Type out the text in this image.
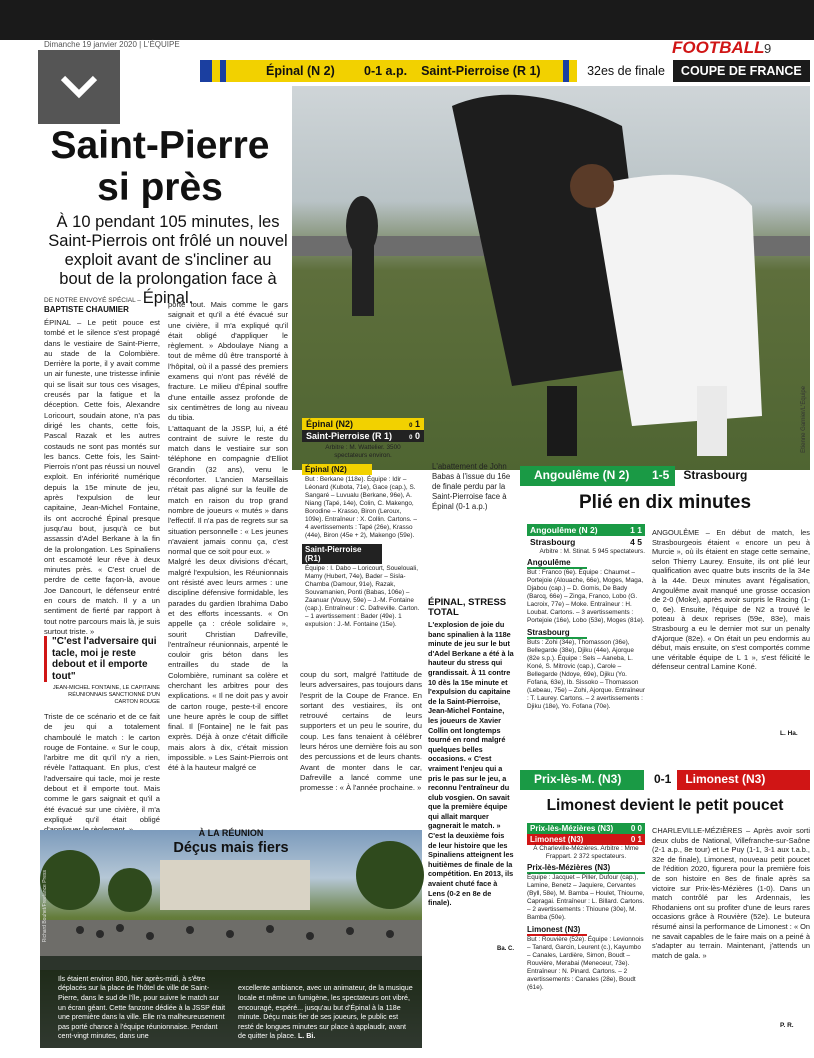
Dimanche 19 janvier 2020 | L'ÉQUIPE	FOOTBALL 9
Épinal (N 2)	0-1 a.p.	Saint-Pierroise (R 1)	32es de finale	COUPE DE FRANCE
Saint-Pierre
si près
À 10 pendant 105 minutes, les Saint-Pierrois ont frôlé un nouvel exploit avant de s'incliner au bout de la prolongation face à Épinal.
DE NOTRE ENVOYÉ SPÉCIAL –
BAPTISTE CHAUMIER
ÉPINAL – Le petit pouce est tombé et le silence s'est propagé dans le vestiaire de Saint-Pierre, au stade de la Colombière. Derrière la porte, il y avait comme un air funeste, une tristesse infinie qui se lisait sur tous ces visages, creusés par la fatigue et la déception. Cette fois, Alexandre Loricourt, soudain atone, n'a pas dirigé les chants, cette fois, Pascal Razak et les autres costauds ne sont pas montés sur les bancs. Cette fois, les Saint-Pierrois n'ont pas réussi un nouvel exploit. En infériorité numérique depuis la 15e minute de jeu, après l'expulsion de leur capitaine, Jean-Michel Fontaine, ils ont accroché Épinal presque jusqu'au bout, jusqu'à ce but assassin d'Adel Berkane à la fin de la prolongation. Les Spinaliens ont escamoté leur rêve à deux minutes près. « C'est cruel de perdre de cette façon-là, avoue Joe Dancourt, le défenseur entré en cours de match. Il y a un sentiment de fierté par rapport à tout notre parcours mais là, je suis surtout triste. »
"C'est l'adversaire qui tacle, moi je reste debout et il emporte tout"
JEAN-MICHEL FONTAINE, LE CAPITAINE RÉUNIONNAIS SANCTIONNÉ D'UN CARTON ROUGE
Triste de ce scénario et de ce fait de jeu qui a totalement chamboulé le match : le carton rouge de Fontaine. « Sur le coup, l'arbitre me dit qu'il n'y a rien, révèle l'attaquant. En plus, c'est l'adversaire qui tacle, moi je reste debout et il emporte tout. Mais comme le gars saignait et qu'il a été évacué sur une civière, il m'a expliqué qu'il était obligé
porte tout. Mais comme le gars saignait et qu'il a été évacué sur une civière, il m'a expliqué qu'il était obligé d'appliquer le règlement. » Abdoulaye Niang a tout de même dû être transporté à l'hôpital, où il a passé des premiers examens qui n'ont pas révélé de fracture. Le milieu d'Épinal souffre d'une entaille assez profonde de six centimètres de long au niveau du tibia.
L'attaquant de la JSSP, lui, a été contraint de suivre le reste du match dans le vestiaire sur son téléphone en compagnie d'Elliot Grandin (32 ans), venu le réconforter. L'ancien Marseillais n'était pas aligné sur la feuille de match en raison du trop grand nombre de joueurs « mutés » dans l'effectif. Il n'a pas de regrets sur sa situation personnelle : « Les jeunes n'avaient jamais connu ça, c'est normal que ce soit pour eux. »
Malgré les deux divisions d'écart, malgré l'expulsion, les Réunionnais ont résisté avec leurs armes : une discipline défensive formidable, les parades du gardien Ibrahima Dabo et des efforts incessants. « On appelle ça : créole solidaire », sourit Christian Dafreville, l'entraîneur réunionnais, arpenté le couloir gris béton dans les entrailles du stade de la Colombière, ruminant sa colère et cherchant les arbitres pour des explications. « Il ne doit pas y avoir de carton rouge, peste-t-il encore une heure après le coup de sifflet final. Il [Fontaine] ne le fait pas exprès. Déjà à onze c'était difficile mais alors à dix, c'était mission impossible. » Les Saint-Pierrois ont été à la hauteur malgré ce
coup du sort, malgré l'attitude de leurs adversaires, pas toujours dans l'esprit de la Coupe de France. En sortant des vestiaires, ils ont retrouvé certains de leurs supporters et un peu le sourire, du coup. Les fans tenaient à célébrer leurs héros une dernière fois au son des percussions et de leurs chants. Avant de monter dans le car, Dafreville a lancé comme une promesse : « À l'année prochaine. »
Étienne Garnier/L'Équipe
Épinal (N2)	0 1
Saint-Pierroise (R 1)	0 0
Arbitre : M. Wattelier. 3500 spectateurs environ.
Épinal (N2)
But : Berkane (118e). Équipe : Idir – Léonard (Kubota, 71e), Gace (cap.), S. Sangaré – Luvualu (Berkane, 96e), A. Niang (Tapé, 14e), Colin, C. Makengo, Borodine – Krasso, Biron (Leroux, 109e). Entraîneur : X. Collin. Cartons. – 4 avertissements : Tapé (26e), Krasso (44e), Biron (45e + 2), Makengo (59e).
Saint-Pierroise (R1)
Équipe : I. Dabo – Loricourt, Souelouali, Mamy (Hubert, 74e), Bader – Sisla-Chamba (Damour, 91e), Razak, Souvamanien, Ponti (Babas, 106e) – Zaanuar (Vouvy, 59e) – J.-M. Fontaine (cap.). Entraîneur : C. Dafreville. Carton. – 1 avertissement : Bader (49e). 1 expulsion : J.-M. Fontaine (15e).
L'abattement de John Babas à l'issue du 16e de finale perdu par la Saint-Pierroise face à Épinal (0-1 a.p.)
ÉPINAL, STRESS TOTAL
L'explosion de joie du banc spinalien à la 118e minute de jeu sur le but d'Adel Berkane a été à la hauteur du stress qui grandissait. À 11 contre 10 dès la 15e minute et l'expulsion du capitaine de la Saint-Pierroise, Jean-Michel Fontaine, les joueurs de Xavier Collin ont longtemps tourné en rond malgré quelques belles occasions. « C'est vraiment l'enjeu qui a pris le pas sur le jeu, a reconnu l'entraîneur du club vosgien. On savait que la première équipe qui allait marquer gagnerait le match. » C'est la deuxième fois de leur histoire que les Spinaliens atteignent les huitièmes de finale de la compétition. En 2013, ils avaient chuté face à Lens (0-2 en 8e de finale).
Ba. C.
Angoulême (N 2)	1-5	Strasbourg
Plié en dix minutes
Angoulême (N 2)	1 1
Strasbourg	4 5
Arbitre : M. Stinat. 5 945 spectateurs.
Angoulême
But : Franco (6e). Équipe : Chaumet – Portejoie (Alouache, 66e), Moges, Maga, Djabou (cap.) – D. Gomis, De Bady (Barcq, 66e) – Zinga, Franco, Lobo (G. Lacroix, 77e) – Moke. Entraîneur : H. Loubat. Cartons. – 3 avertissements : Portejoie (16e), Lobo (53e), Moges (81e).
Strasbourg
Buts : Zohi (34e), Thomasson (36e), Bellegarde (38e), Djiku (44e), Ajorque (82e s.p.). Équipe : Sels – Aaneba, L. Koné, S. Mitrovic (cap.), Carole – Bellegarde (Ndoye, 69e), Djiku (Yo. Fofana, 63e), Ib. Sissoko – Thomasson (Lebeau, 75e) – Zohi, Ajorque. Entraîneur : T. Laurey. Cartons. – 2 avertissements : Djiku (18e), Yo. Fofana (70e).
ANGOULÊME – En début de match, les Strasbourgeois étaient « encore un peu à Murcie », où ils étaient en stage cette semaine, selon Thierry Laurey. Ensuite, ils ont plié leur qualification avec quatre buts inscrits de la 34e à la 44e. Deux minutes avant l'égalisation, Angoulême avait manqué une grosse occasion de 2-0 (Moke), après avoir surpris le Racing (1-0, 6e). Ensuite, l'équipe de N2 a trouvé le poteau à deux reprises (59e, 83e), mais Strasbourg a eu le dernier mot sur un penalty d'Ajorque (82e). « On était un peu endormis au début, mais ensuite, on s'est comportés comme une véritable équipe de L 1 », s'est félicité le défenseur central Lamine Koné.
L. Ha.
Prix-lès-M. (N3)	0-1	Limonest (N3)
Limonest devient le petit poucet
Prix-lès-Mézières (N3) 0 0
Limonest (N3)	0 1
À Charleville-Mézières. Arbitre : Mme Frappart. 2 372 spectateurs.
Prix-lès-Mézières (N3)
Équipe : Jacquet – Piller, Dufour (cap.), Lamine, Benetz – Jaquiere, Cervantes (Byll, 58e), M. Bamba – Houlet, Thiourne, Capragai. Entraîneur : L. Billard. Cartons. – 2 avertissements : Thioune (30e), M. Bamba (50e).
Limonest (N3)
But : Rouvière (52e). Équipe : Levionnois – Tanard, Garcin, Leurent (c.), Kayumbo – Canales, Lardière, Simon, Boudt – Rouvière, Merabai (Meneceur, 73e). Entraîneur : N. Pinard. Cartons. – 2 avertissements : Canales (28e), Boudt (61e).
CHARLEVILLE-MÉZIÈRES – Après avoir sorti deux clubs de National, Villefranche-sur-Saône (2-1 a.p., 8e tour) et Le Puy (1-1, 3-1 aux t.a.b., 32e de finale), Limonest, nouveau petit poucet de l'édition 2020, figurera pour la première fois de son histoire en 8es de finale après sa victoire sur Prix-lès-Mézières (1-0). Dans un match contrôlé par les Ardennais, les Rhodaniens ont su profiter d'une de leurs rares occasions grâce à Rouvière (52e). Le buteura résumé ainsi la performance de Limonest : « On ne savait capables de le faire mais on a peiné à s'adapter au terrain. Maintenant, j'attends un match de gala. »
P. R.
À LA RÉUNION
Déçus mais fiers
Ils étaient environ 800, hier après-midi, à s'être déplacés sur la place de l'hôtel de ville de Saint-Pierre, dans le sud de l'île, pour suivre le match sur un écran géant. Cette fanzone dédiée à la JSSP était une première dans la ville. Elle n'a malheureusement pas porté chance à l'équipe réunionnaise. Pendant cent-vingt minutes, dans une
excellente ambiance, avec un animateur, de la musique locale et même un fumigène, les spectateurs ont vibré, encouragé, espéré... jusqu'au but d'Épinal à la 118e minute. Déçu mais fier de ses joueurs, le public est resté de longues minutes sur place à applaudir, avant de quitter la place. L. Bi.
Richard Bouhet/Freelance Press
